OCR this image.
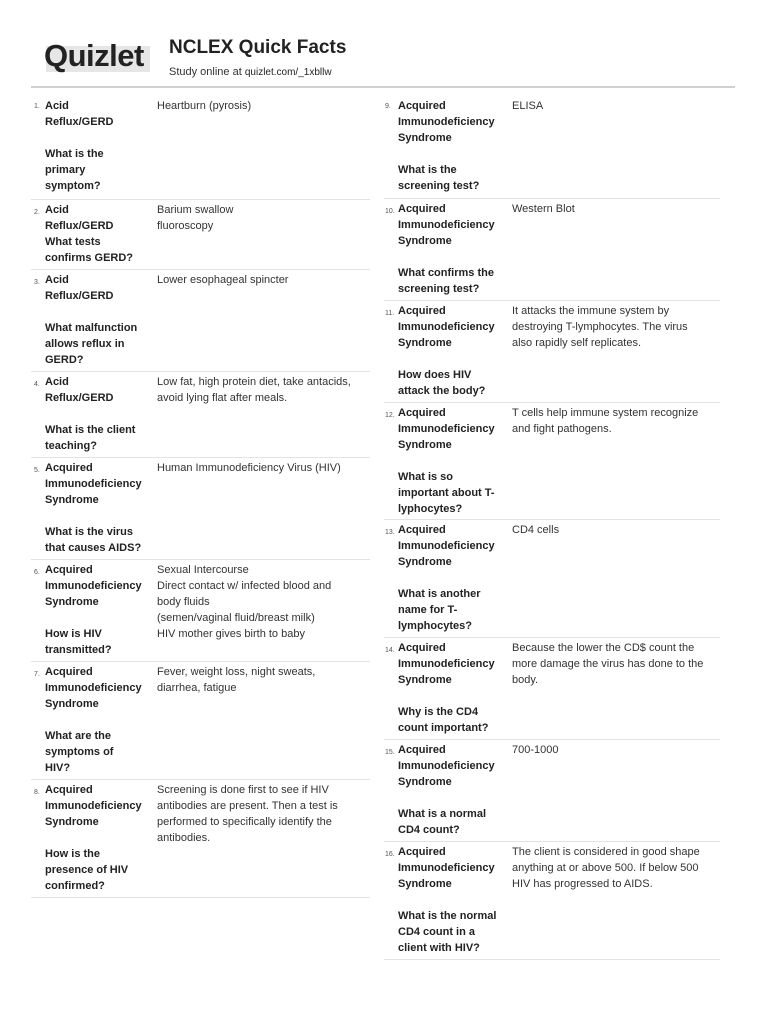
Quizlet NCLEX Quick Facts
Study online at quizlet.com/_1xbllw
1. Acid
Reflux/GERD

What is the
primary
symptom?
Heartburn (pyrosis)
2. Acid
Reflux/GERD
What tests
confirms GERD?
Barium swallow
fluoroscopy
3. Acid
Reflux/GERD

What malfunction
allows reflux in
GERD?
Lower esophageal spincter
4. Acid
Reflux/GERD

What is the client
teaching?
Low fat, high protein diet, take antacids,
avoid lying flat after meals.
5. Acquired
Immunodeficiency
Syndrome

What is the virus
that causes AIDS?
Human Immunodeficiency Virus (HIV)
6. Acquired
Immunodeficiency
Syndrome

How is HIV
transmitted?
Sexual Intercourse
Direct contact w/ infected blood and
body fluids
(semen/vaginal fluid/breast milk)
HIV mother gives birth to baby
7. Acquired
Immunodeficiency
Syndrome

What are the
symptoms of
HIV?
Fever, weight loss, night sweats,
diarrhea, fatigue
8. Acquired
Immunodeficiency
Syndrome

How is the
presence of HIV
confirmed?
Screening is done first to see if HIV
antibodies are present. Then a test is
performed to specifically identify the
antibodies.
9. Acquired
Immunodeficiency
Syndrome

What is the
screening test?
ELISA
10. Acquired
Immunodeficiency
Syndrome

What confirms the
screening test?
Western Blot
11. Acquired
Immunodeficiency
Syndrome

How does HIV
attack the body?
It attacks the immune system by
destroying T-lymphocytes. The virus
also rapidly self replicates.
12. Acquired
Immunodeficiency
Syndrome

What is so
important about T-
lyphocytes?
T cells help immune system recognize
and fight pathogens.
13. Acquired
Immunodeficiency
Syndrome

What is another
name for T-
lymphocytes?
CD4 cells
14. Acquired
Immunodeficiency
Syndrome

Why is the CD4
count important?
Because the lower the CD$ count the
more damage the virus has done to the
body.
15. Acquired
Immunodeficiency
Syndrome

What is a normal
CD4 count?
700-1000
16. Acquired
Immunodeficiency
Syndrome

What is the normal
CD4 count in a
client with HIV?
The client is considered in good shape
anything at or above 500. If below 500
HIV has progressed to AIDS.
